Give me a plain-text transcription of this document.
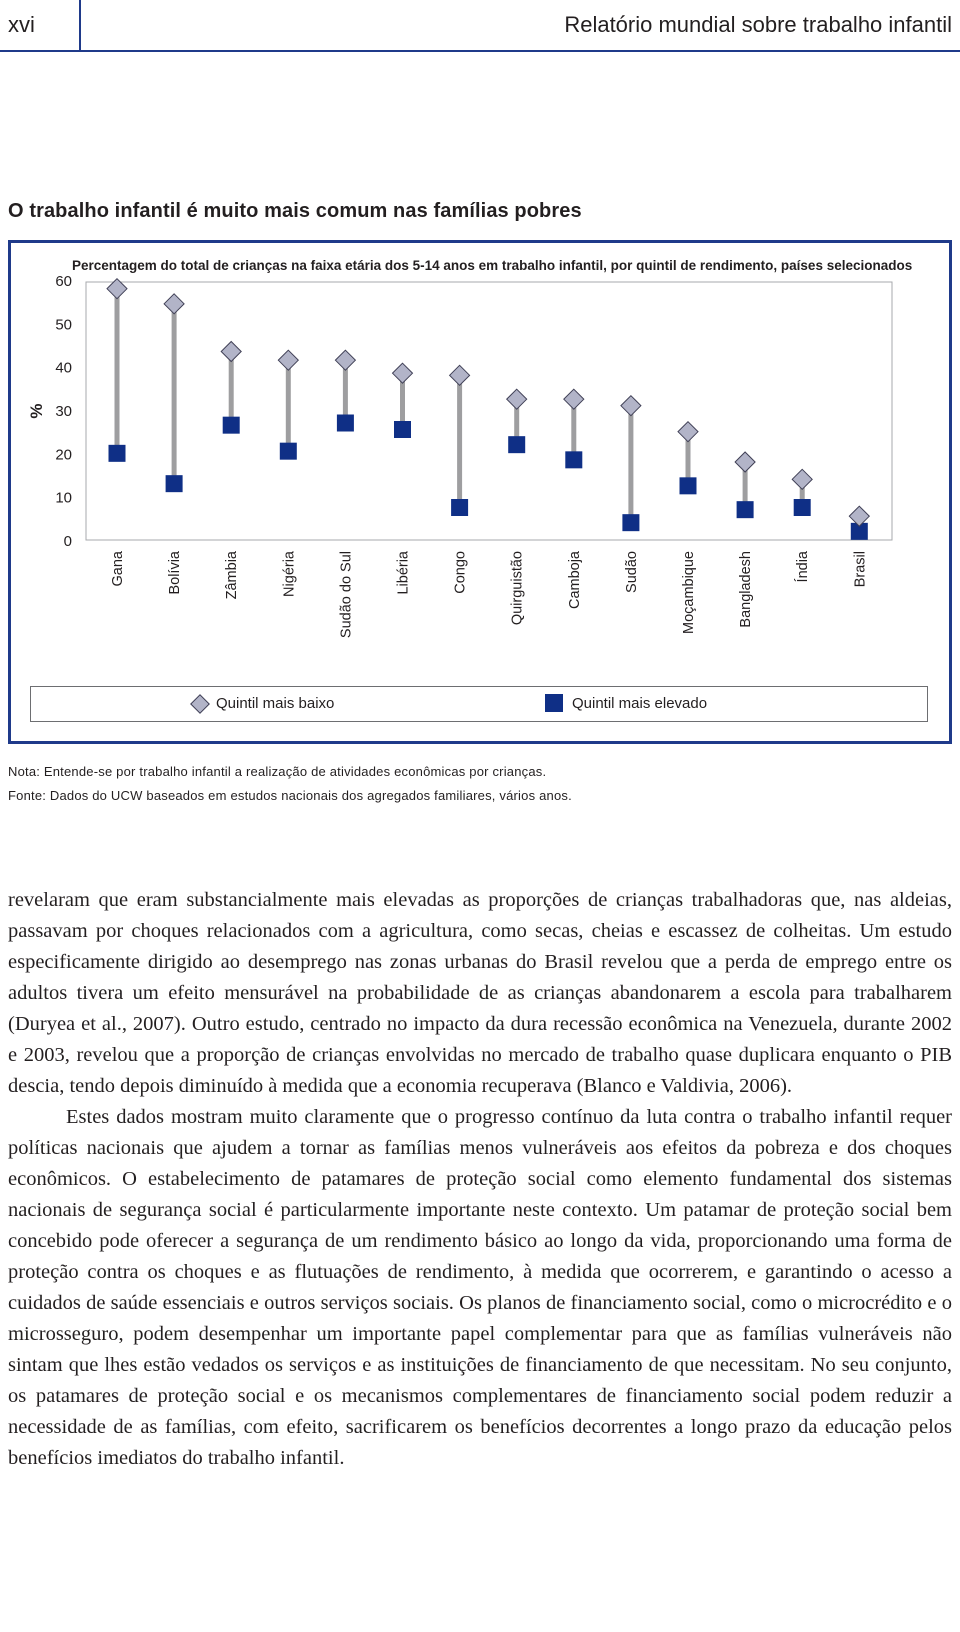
xvi	Relatório mundial sobre trabalho infantil
O trabalho infantil é muito mais comum nas famílias pobres
Percentagem do total de crianças na faixa etária dos 5-14 anos em trabalho infantil, por quintil de rendimento, países selecionados
%
0
10
20
30
40
50
60
Gana	Bolívia	Zâmbia	Nigéria	Sudão do Sul	Libéria	Congo	Quirguistão	Camboja	Sudão	Moçambique	Bangladesh	Índia	Brasil
Quintil mais baixo	Quintil mais elevado
Nota: Entende-se por trabalho infantil a realização de atividades econômicas por crianças.
Fonte: Dados do UCW baseados em estudos nacionais dos agregados familiares, vários anos.

revelaram que eram substancialmente mais elevadas as proporções de crianças trabalhadoras que, nas aldeias, passavam por choques relacionados com a agricultura, como secas, cheias e escassez de colheitas. Um estudo especificamente dirigido ao desemprego nas zonas urbanas do Brasil revelou que a perda de emprego entre os adultos tivera um efeito mensurável na probabilidade de as crianças abandonarem a escola para trabalharem (Duryea et al., 2007). Outro estudo, centrado no impacto da dura recessão econômica na Venezuela, durante 2002 e 2003, revelou que a proporção de crianças envolvidas no mercado de trabalho quase duplicara enquanto o PIB descia, tendo depois diminuído à medida que a economia recuperava (Blanco e Valdivia, 2006).

Estes dados mostram muito claramente que o progresso contínuo da luta contra o trabalho infantil requer políticas nacionais que ajudem a tornar as famílias menos vulneráveis aos efeitos da pobreza e dos choques econômicos. O estabelecimento de patamares de proteção social como elemento fundamental dos sistemas nacionais de segurança social é particularmente importante neste contexto. Um patamar de proteção social bem concebido pode oferecer a segurança de um rendimento básico ao longo da vida, proporcionando uma forma de proteção contra os choques e as flutuações de rendimento, à medida que ocorrerem, e garantindo o acesso a cuidados de saúde essenciais e outros serviços sociais. Os planos de financiamento social, como o microcrédito e o microsseguro, podem desempenhar um importante papel complementar para que as famílias vulneráveis não sintam que lhes estão vedados os serviços e as instituições de financiamento de que necessitam. No seu conjunto, os patamares de proteção social e os mecanismos complementares de financiamento social podem reduzir a necessidade de as famílias, com efeito, sacrificarem os benefícios decorrentes a longo prazo da educação pelos benefícios imediatos do trabalho infantil.
